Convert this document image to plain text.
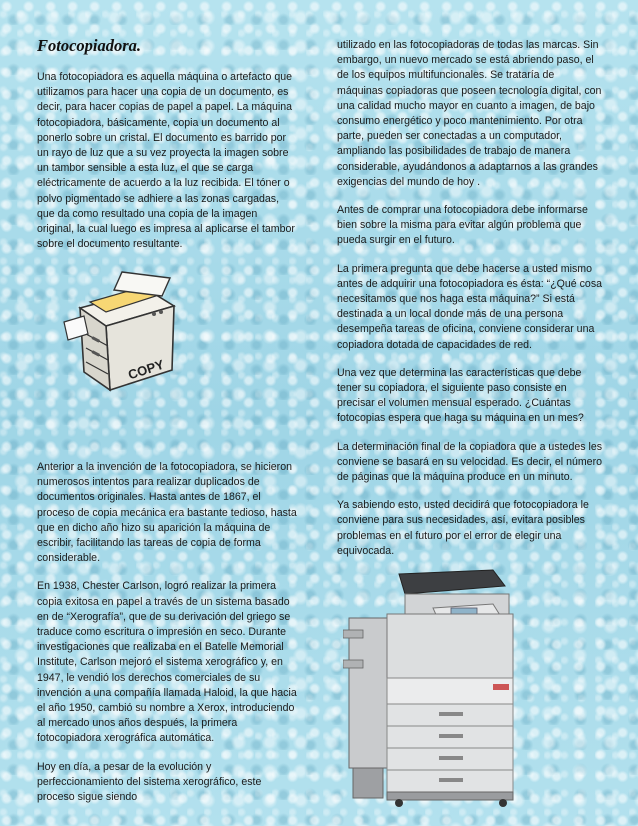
Fotocopiadora.

Una fotocopiadora es aquella máquina o artefacto que utilizamos para hacer una copia de un documento, es decir, para hacer copias de papel a papel. La máquina fotocopiadora, básicamente, copia un documento al ponerlo sobre un cristal. El documento es barrido por un rayo de luz que a su vez proyecta la imagen sobre un tambor sensible a esta luz, el que se carga eléctricamente de acuerdo a la luz recibida. El tóner o polvo pigmentado se adhiere a las zonas cargadas, que da como resultado una copia de la imagen original, la cual luego es impresa al aplicarse el tambor sobre el documento resultante.

COPY

Anterior a la invención de la fotocopiadora, se hicieron numerosos intentos para realizar duplicados de documentos originales. Hasta antes de 1867, el proceso de copia mecánica era bastante tedioso, hasta que en dicho año hizo su aparición la máquina de escribir, facilitando las tareas de copia de forma considerable.

En 1938, Chester Carlson, logró realizar la primera copia exitosa en papel a través de un sistema basado en de “Xerografía”, que de su derivación del griego se traduce como escritura o impresión en seco. Durante investigaciones que realizaba en el Batelle Memorial Institute, Carlson mejoró el sistema xerográfico y, en 1947, le vendió los derechos comerciales de su invención a una compañía llamada Haloid, la que hacia el año 1950, cambió su nombre a Xerox, introduciendo al mercado unos años después, la primera fotocopiadora xerográfica automática.

Hoy en día, a pesar de la evolución y perfeccionamiento del sistema xerográfico, este proceso sigue siendo

utilizado en las fotocopiadoras de todas las marcas. Sin embargo, un nuevo mercado se está abriendo paso, el de los equipos multifuncionales. Se trataría de máquinas copiadoras que poseen tecnología digital, con una calidad mucho mayor en cuanto a imagen, de bajo consumo energético y poco mantenimiento. Por otra parte, pueden ser conectadas a un computador, ampliando las posibilidades de trabajo de manera considerable, ayudándonos a adaptarnos a las grandes exigencias del mundo de hoy .

Antes de comprar una fotocopiadora debe informarse bien sobre la misma para evitar algún problema que pueda surgir en el futuro.

La primera pregunta que debe hacerse a usted mismo antes de adquirir una fotocopiadora es ésta: “¿Qué cosa necesitamos que nos haga esta máquina?” Si está destinada a un local donde más de una persona desempeña tareas de oficina, conviene considerar una copiadora dotada de capacidades de red.

Una vez que determina las características que debe tener su copiadora, el siguiente paso consiste en precisar el volumen mensual esperado. ¿Cuántas fotocopias espera que haga su máquina en un mes?

La determinación final de la copiadora que a ustedes les conviene se basará en su velocidad. Es decir, el número de páginas que la máquina produce en un minuto.

Ya sabiendo esto, usted decidirá que fotocopiadora le conviene para sus necesidades, así, evitara posibles problemas en el futuro por el error de elegir una equivocada.
